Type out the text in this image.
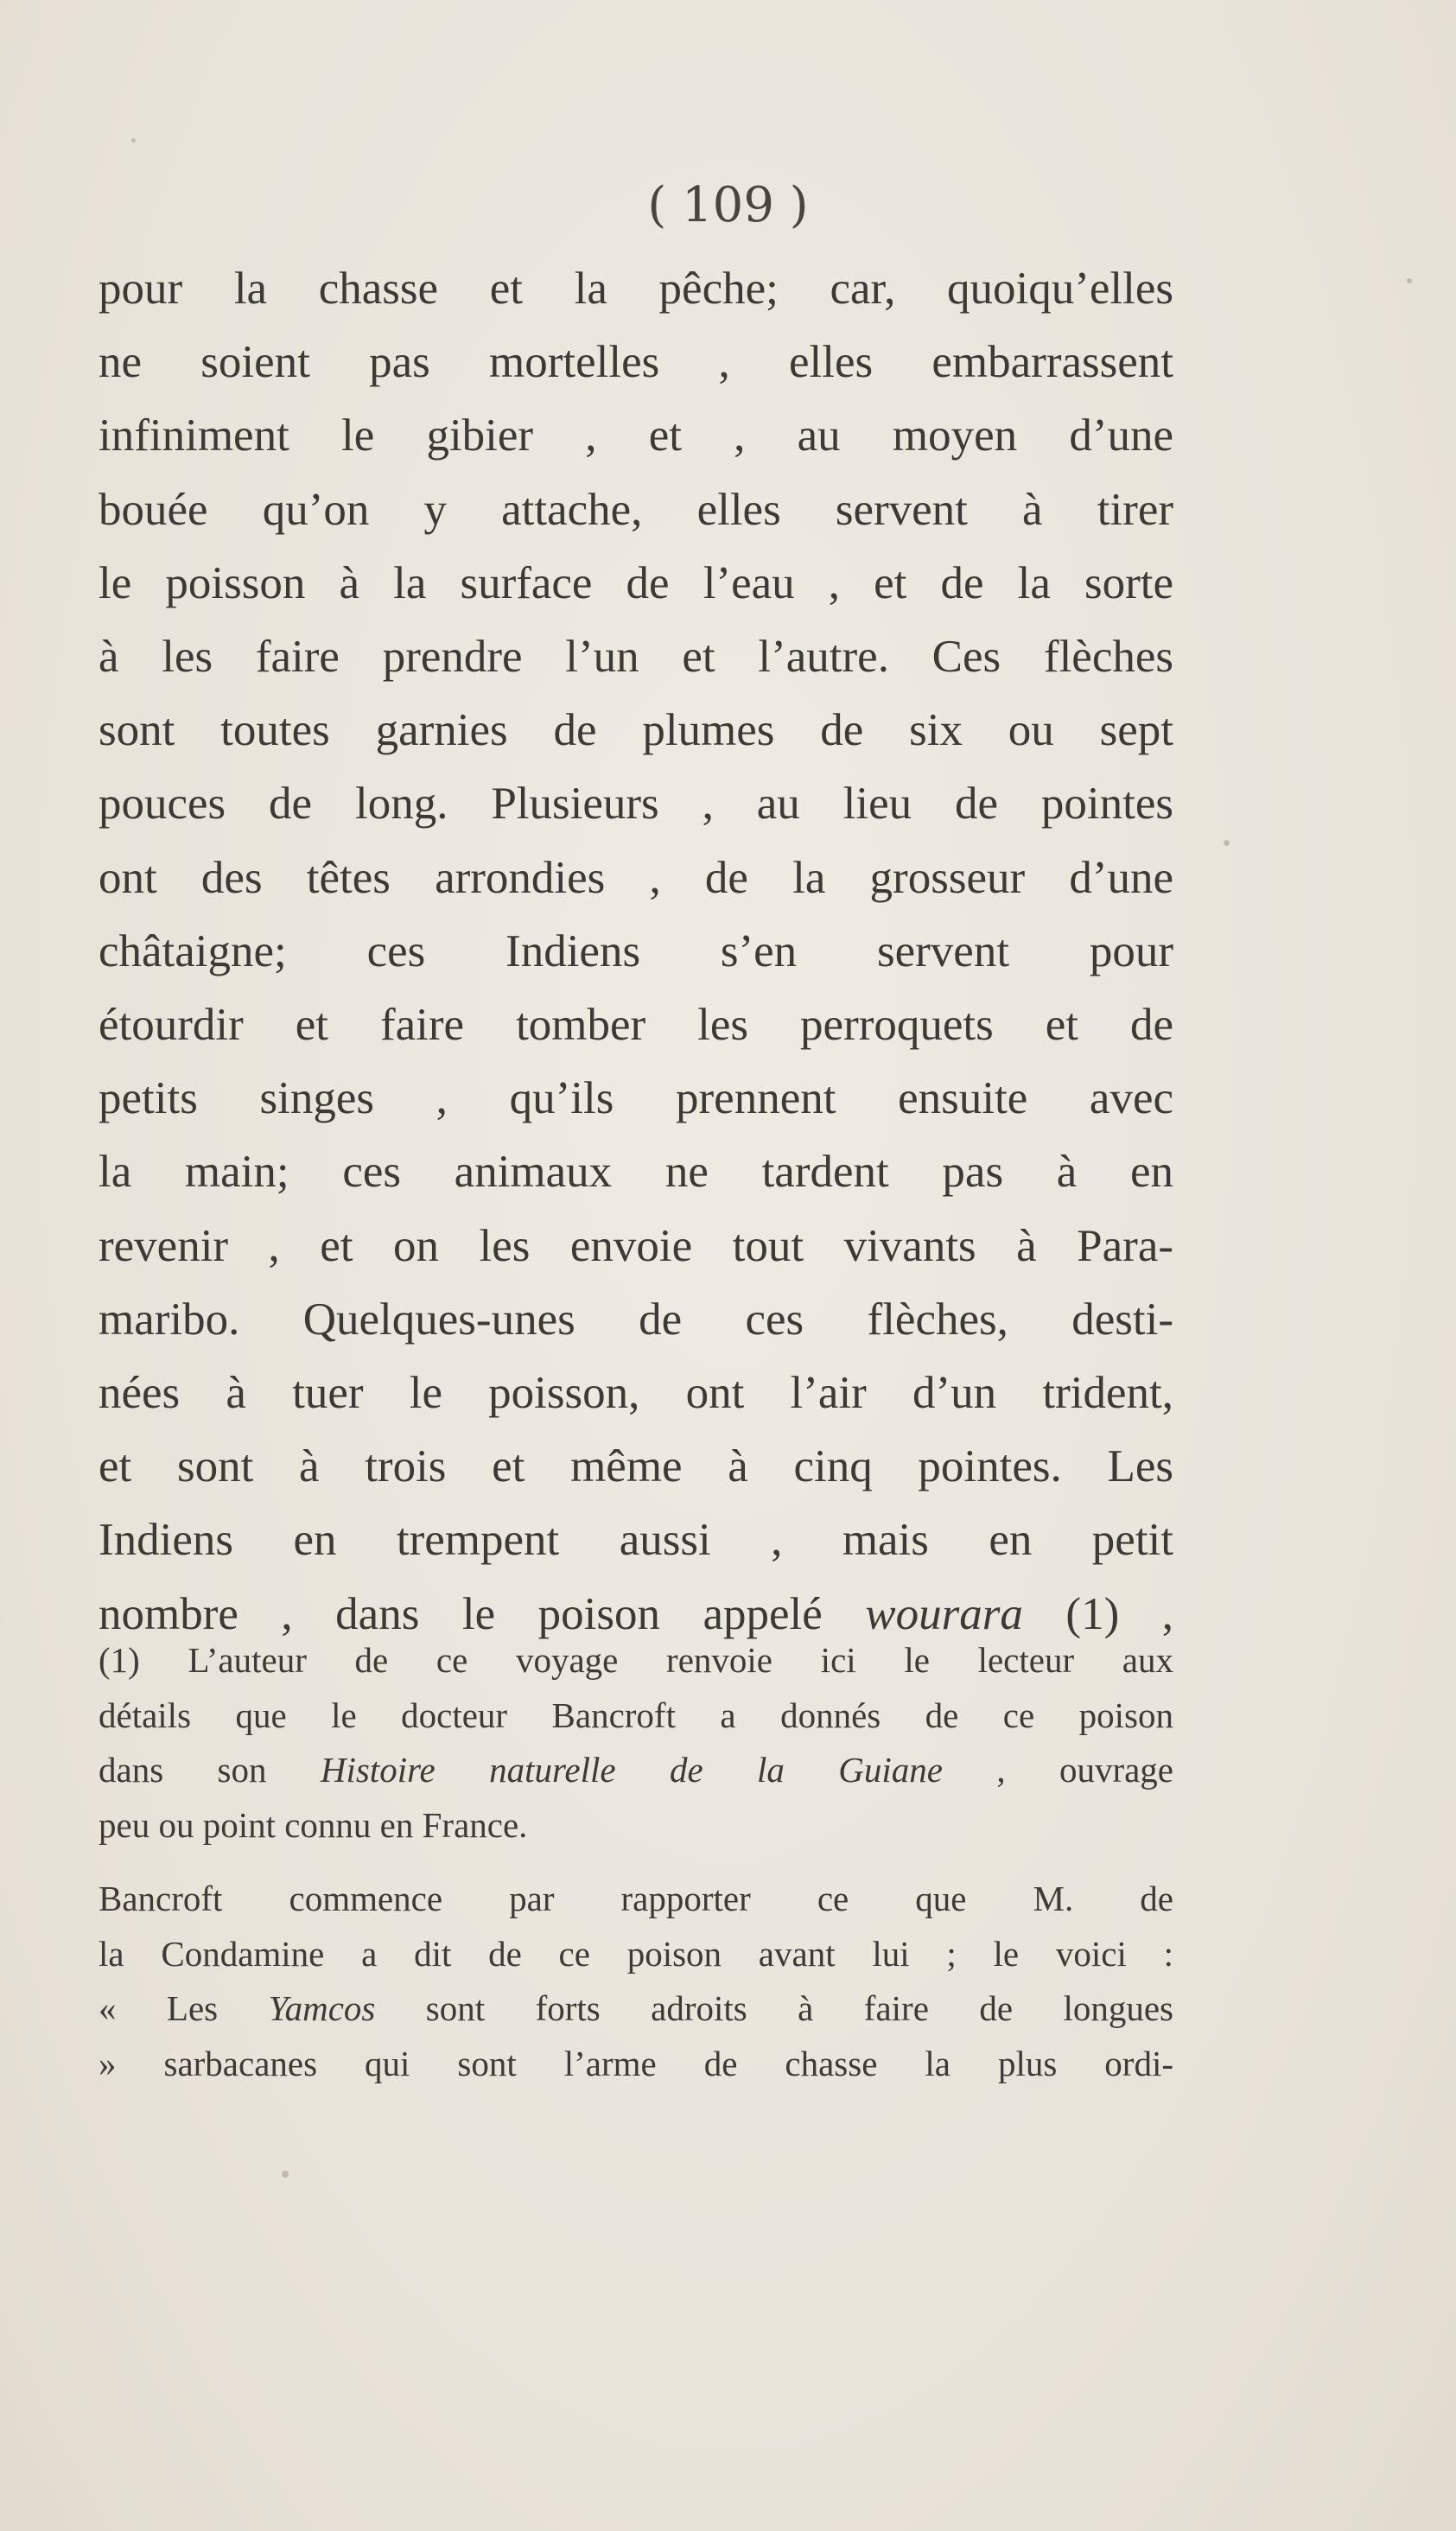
( 109 )
pour la chasse et la pêche; car, quoiqu’elles
ne soient pas mortelles , elles embarrassent
infiniment le gibier , et , au moyen d’une
bouée qu’on y attache, elles servent à tirer
le poisson à la surface de l’eau , et de la sorte
à les faire prendre l’un et l’autre. Ces flèches
sont toutes garnies de plumes de six ou sept
pouces de long. Plusieurs , au lieu de pointes
ont des têtes arrondies , de la grosseur d’une
châtaigne; ces Indiens s’en servent pour
étourdir et faire tomber les perroquets et de
petits singes , qu’ils prennent ensuite avec
la main; ces animaux ne tardent pas à en
revenir , et on les envoie tout vivants à Para-
maribo. Quelques-unes de ces flèches, desti-
nées à tuer le poisson, ont l’air d’un trident,
et sont à trois et même à cinq pointes. Les
Indiens en trempent aussi , mais en petit
nombre , dans le poison appelé wourara (1) ,
(1) L’auteur de ce voyage renvoie ici le lecteur aux
détails que le docteur Bancroft a donnés de ce poison
dans son Histoire naturelle de la Guiane , ouvrage
peu ou point connu en France.
Bancroft commence par rapporter ce que M. de
la Condamine a dit de ce poison avant lui ; le voici :
« Les Yamcos sont forts adroits à faire de longues
» sarbacanes qui sont l’arme de chasse la plus ordi-
